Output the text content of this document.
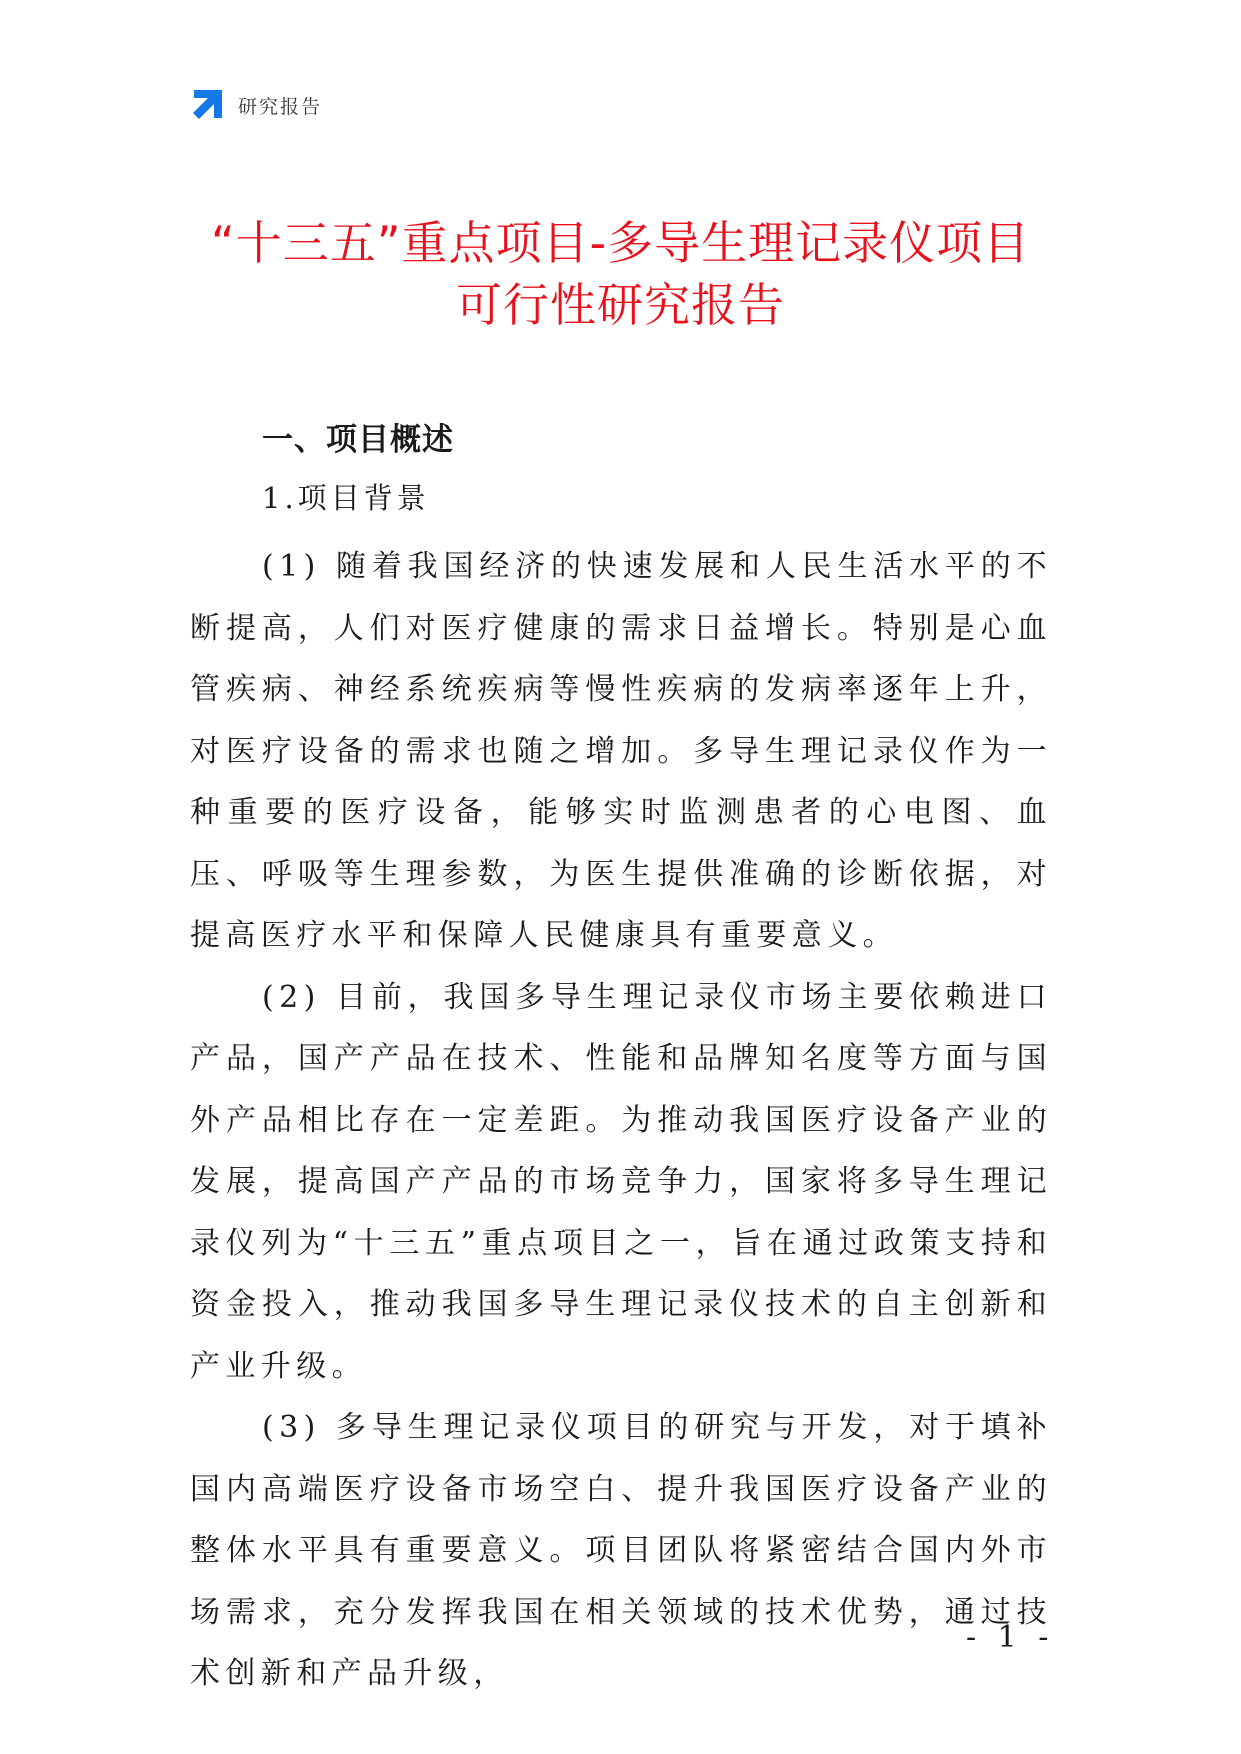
研究报告
“十三五”重点项目-多导生理记录仪项目
可行性研究报告
一、项目概述
1.项目背景

(1) 随着我国经济的快速发展和人民生活水平的不断提高，人们对医疗健康的需求日益增长。特别是心血管疾病、神经系统疾病等慢性疾病的发病率逐年上升，对医疗设备的需求也随之增加。多导生理记录仪作为一种重要的医疗设备，能够实时监测患者的心电图、血压、呼吸等生理参数，为医生提供准确的诊断依据，对提高医疗水平和保障人民健康具有重要意义。

(2) 目前，我国多导生理记录仪市场主要依赖进口产品，国产产品在技术、性能和品牌知名度等方面与国外产品相比存在一定差距。为推动我国医疗设备产业的发展，提高国产产品的市场竞争力，国家将多导生理记录仪列为“十三五”重点项目之一，旨在通过政策支持和资金投入，推动我国多导生理记录仪技术的自主创新和产业升级。

(3) 多导生理记录仪项目的研究与开发，对于填补国内高端医疗设备市场空白、提升我国医疗设备产业的整体水平具有重要意义。项目团队将紧密结合国内外市场需求，充分发挥我国在相关领域的技术优势，通过技术创新和产品升级，

- 1 -
